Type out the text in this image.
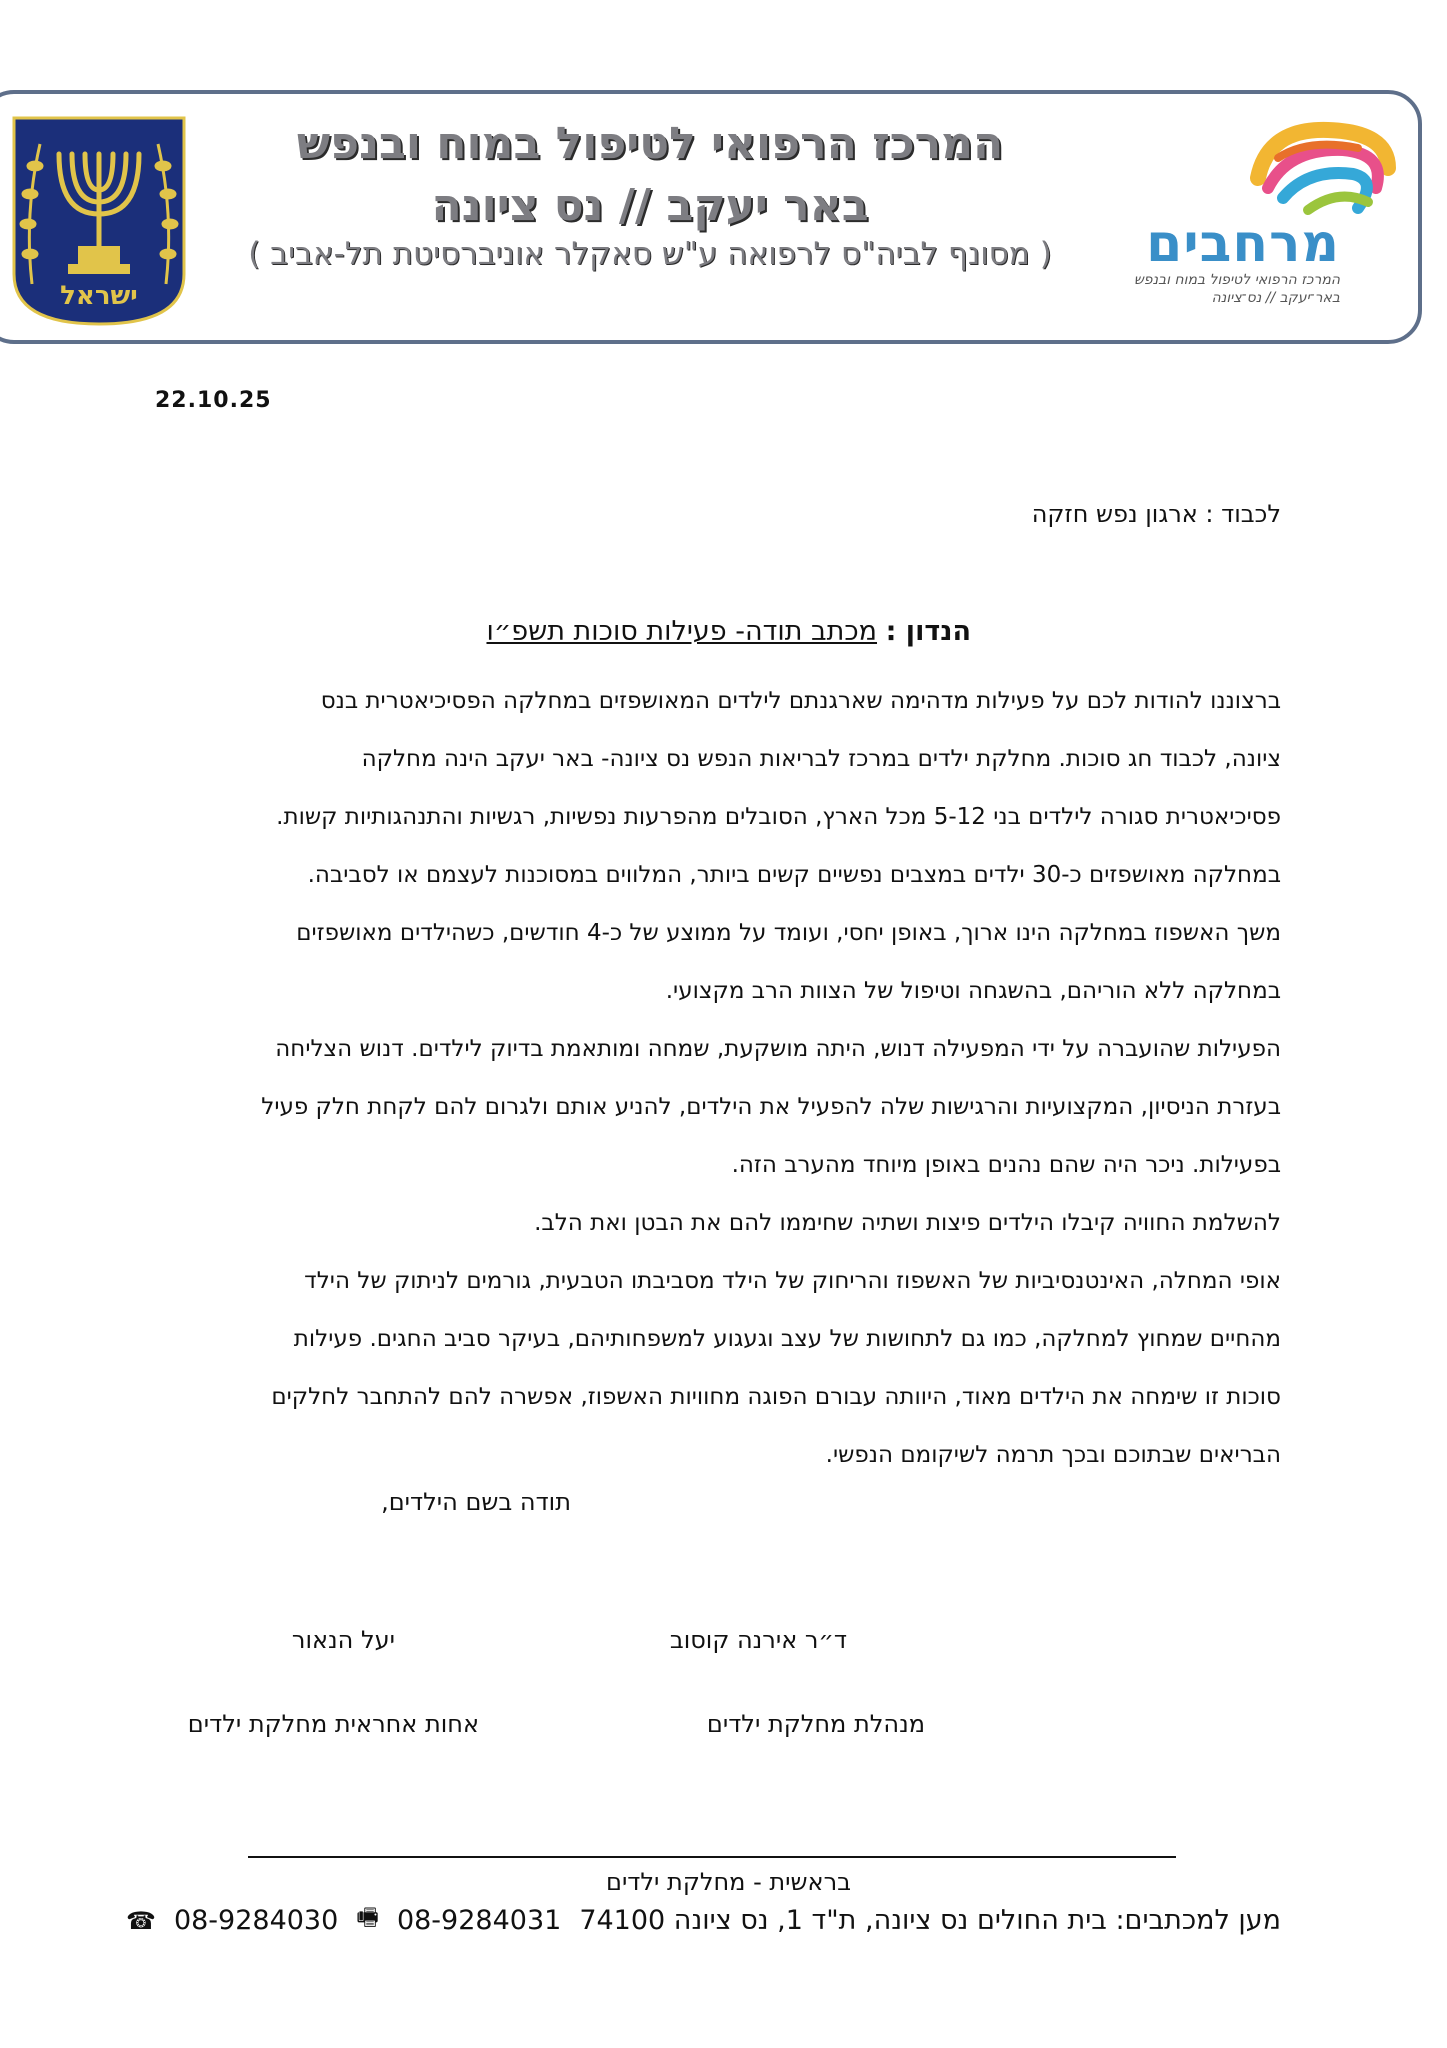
ישראל
המרכז הרפואי לטיפול במוח ובנפש
באר יעקב // נס ציונה
( מסונף לביה"ס לרפואה ע"ש סאקלר אוניברסיטת תל-אביב )	מרחבים
המרכז הרפואי לטיפול במוח ובנפש
באר־יעקב // נס־ציונה
22.10.25
לכבוד : ארגון נפש חזקה
הנדון : מכתב תודה- פעילות סוכות תשפ״ו
ברצוננו להודות לכם על פעילות מדהימה שארגנתם לילדים המאושפזים במחלקה הפסיכיאטרית בנס
ציונה, לכבוד חג סוכות. מחלקת ילדים במרכז לבריאות הנפש נס ציונה- באר יעקב הינה מחלקה
פסיכיאטרית סגורה לילדים בני 5-12 מכל הארץ, הסובלים מהפרעות נפשיות, רגשיות והתנהגותיות קשות.
במחלקה מאושפזים כ-30 ילדים במצבים נפשיים קשים ביותר, המלווים במסוכנות לעצמם או לסביבה.
משך האשפוז במחלקה הינו ארוך, באופן יחסי, ועומד על ממוצע של כ-4 חודשים, כשהילדים מאושפזים
במחלקה ללא הוריהם, בהשגחה וטיפול של הצוות הרב מקצועי.
הפעילות שהועברה על ידי המפעילה דנוש, היתה מושקעת, שמחה ומותאמת בדיוק לילדים. דנוש הצליחה
בעזרת הניסיון, המקצועיות והרגישות שלה להפעיל את הילדים, להניע אותם ולגרום להם לקחת חלק פעיל
בפעילות. ניכר היה שהם נהנים באופן מיוחד מהערב הזה.
להשלמת החוויה קיבלו הילדים פיצות ושתיה שחיממו להם את הבטן ואת הלב.
אופי המחלה, האינטנסיביות של האשפוז והריחוק של הילד מסביבתו הטבעית, גורמים לניתוק של הילד
מהחיים שמחוץ למחלקה, כמו גם לתחושות של עצב וגעגוע למשפחותיהם, בעיקר סביב החגים. פעילות
סוכות זו שימחה את הילדים מאוד, היוותה עבורם הפוגה מחוויות האשפוז, אפשרה להם להתחבר לחלקים
הבריאים שבתוכם ובכך תרמה לשיקומם הנפשי.
תודה בשם הילדים,
ד״ר אירנה קוסוב
מנהלת מחלקת ילדים
יעל הנאור
אחות אחראית מחלקת ילדים
בראשית - מחלקת ילדים
מען למכתבים: בית החולים נס ציונה, ת"ד 1, נס ציונה 74100
08-9284031
🖷
08-9284030
☎
